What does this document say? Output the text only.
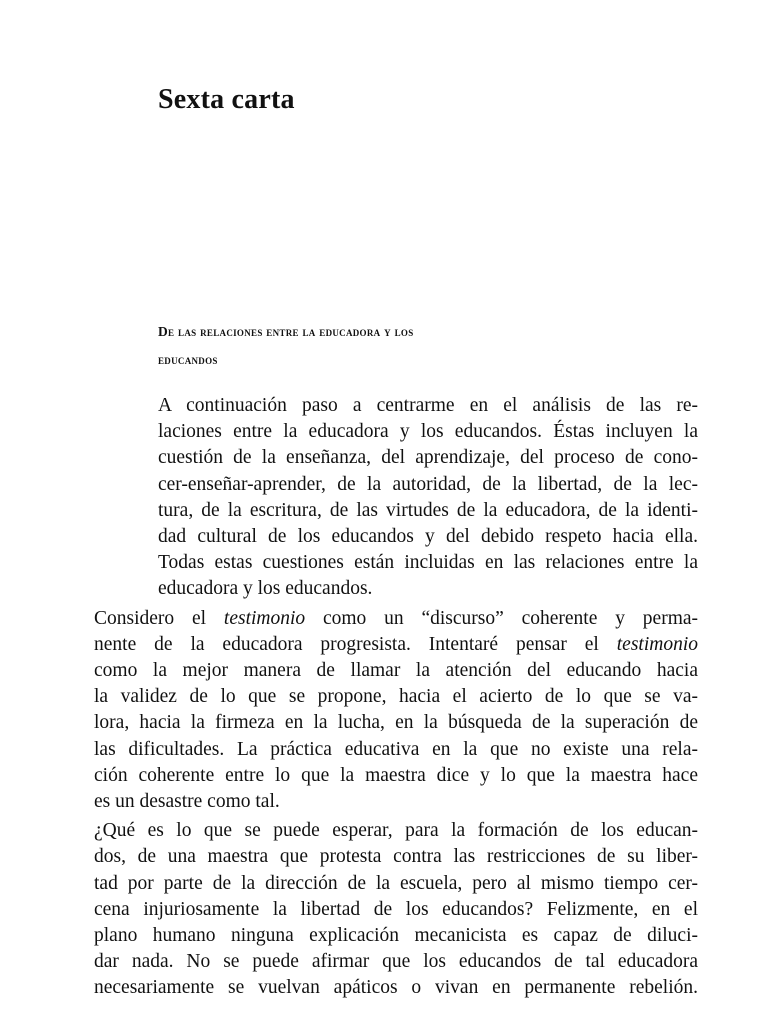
Sexta carta
De las relaciones entre la educadora y los
educandos

A continuación paso a centrarme en el análisis de las re-
laciones entre la educadora y los educandos. Éstas incluyen la
cuestión de la enseñanza, del aprendizaje, del proceso de cono-
cer-enseñar-aprender, de la autoridad, de la libertad, de la lec-
tura, de la escritura, de las virtudes de la educadora, de la identi-
dad cultural de los educandos y del debido respeto hacia ella.
Todas estas cuestiones están incluidas en las relaciones entre la
educadora y los educandos.

Considero el testimonio como un “discurso” coherente y perma-
nente de la educadora progresista. Intentaré pensar el testimonio
como la mejor manera de llamar la atención del educando hacia
la validez de lo que se propone, hacia el acierto de lo que se va-
lora, hacia la firmeza en la lucha, en la búsqueda de la superación de
las dificultades. La práctica educativa en la que no existe una rela-
ción coherente entre lo que la maestra dice y lo que la maestra hace
es un desastre como tal.

¿Qué es lo que se puede esperar, para la formación de los educan-
dos, de una maestra que protesta contra las restricciones de su liber-
tad por parte de la dirección de la escuela, pero al mismo tiempo cer-
cena injuriosamente la libertad de los educandos? Felizmente, en el
plano humano ninguna explicación mecanicista es capaz de diluci-
dar nada. No se puede afirmar que los educandos de tal educadora
necesariamente se vuelvan apáticos o vivan en permanente rebelión.
